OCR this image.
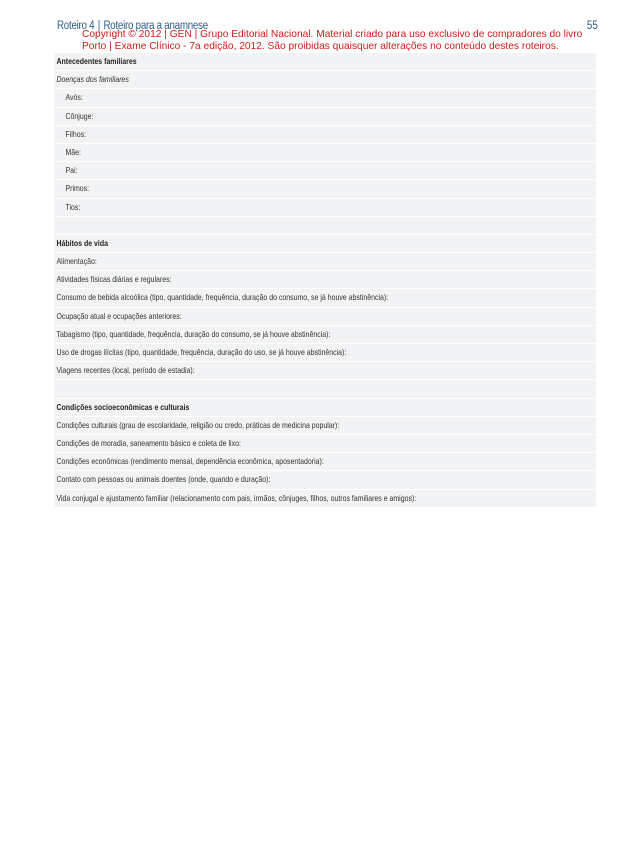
Roteiro 4 | Roteiro para a anamnese	55
Copyright © 2012 | GEN | Grupo Editorial Nacional. Material criado para uso exclusivo de compradores do livro
Porto | Exame Clínico - 7a edição, 2012. São proibidas quaisquer alterações no conteúdo destes roteiros.
Antecedentes familiares
Doenças dos familiares
Avós:
Cônjuge:
Filhos:
Mãe:
Pai:
Primos:
Tios:
Hábitos de vida
Alimentação:
Atividades físicas diárias e regulares:
Consumo de bebida alcoólica (tipo, quantidade, frequência, duração do consumo, se já houve abstinência):
Ocupação atual e ocupações anteriores:
Tabagismo (tipo, quantidade, frequência, duração do consumo, se já houve abstinência):
Uso de drogas ilícitas (tipo, quantidade, frequência, duração do uso, se já houve abstinência):
Viagens recentes (local, período de estadia):
Condições socioeconômicas e culturais
Condições culturais (grau de escolaridade, religião ou credo, práticas de medicina popular):
Condições de moradia, saneamento básico e coleta de lixo:
Condições econômicas (rendimento mensal, dependência econômica, aposentadoria):
Contato com pessoas ou animais doentes (onde, quando e duração):
Vida conjugal e ajustamento familiar (relacionamento com pais, irmãos, cônjuges, filhos, outros familiares e amigos):
